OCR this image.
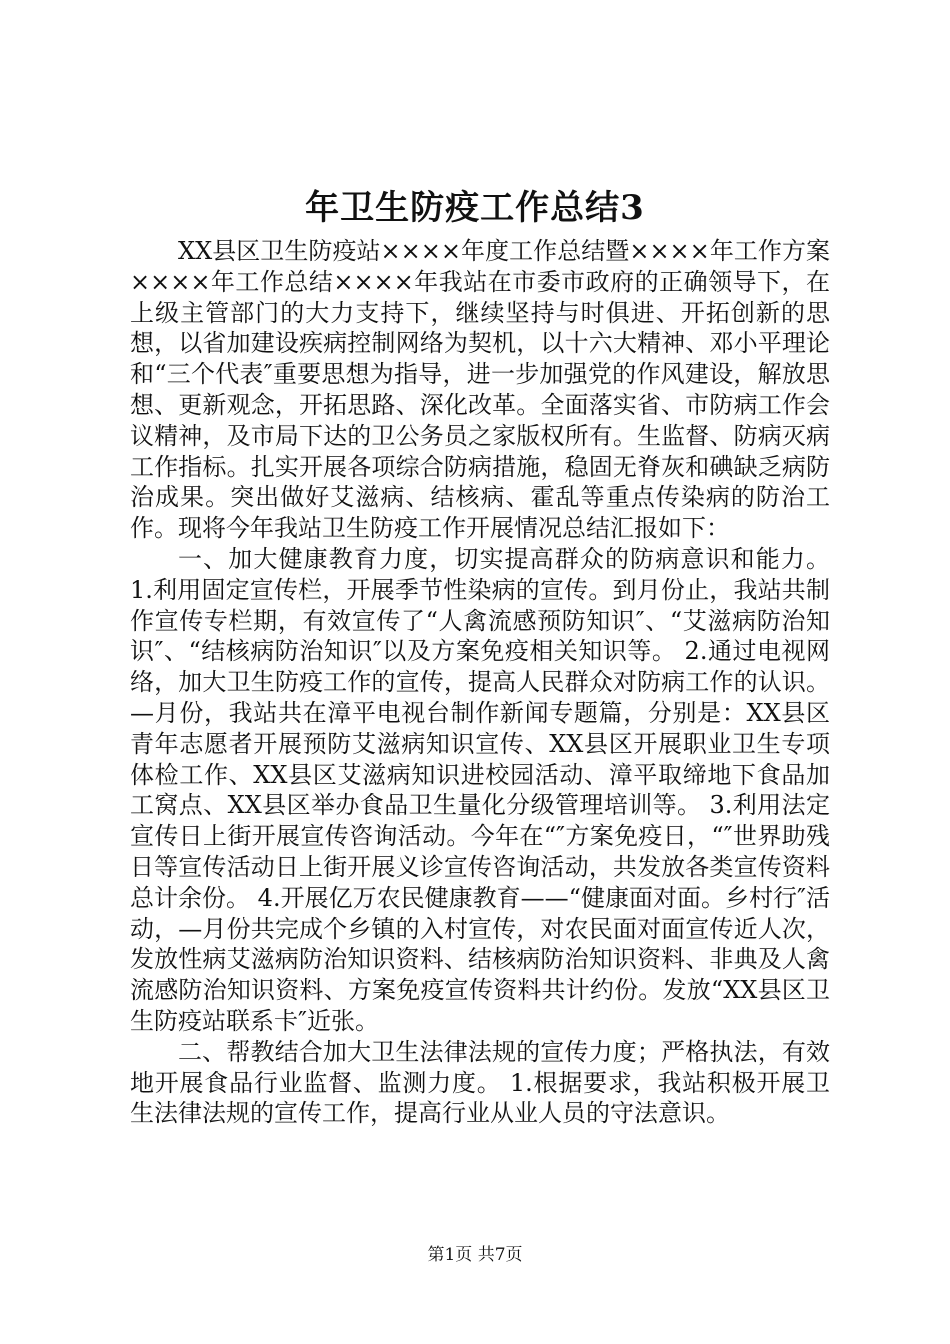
年卫生防疫工作总结3

XX县区卫生防疫站××××年度工作总结暨××××年工作方案××××年工作总结××××年我站在市委市政府的正确领导下，在上级主管部门的大力支持下，继续坚持与时俱进、开拓创新的思想，以省加建设疾病控制网络为契机，以十六大精神、邓小平理论和“三个代表″重要思想为指导，进一步加强党的作风建设，解放思想、更新观念，开拓思路、深化改革。全面落实省、市防病工作会议精神，及市局下达的卫公务员之家版权所有。生监督、防病灭病工作指标。扎实开展各项综合防病措施，稳固无脊灰和碘缺乏病防治成果。突出做好艾滋病、结核病、霍乱等重点传染病的防治工作。现将今年我站卫生防疫工作开展情况总结汇报如下：

一、加大健康教育力度，切实提高群众的防病意识和能力。 1.利用固定宣传栏，开展季节性染病的宣传。到月份止，我站共制作宣传专栏期，有效宣传了“人禽流感预防知识″、“艾滋病防治知识″、“结核病防治知识″以及方案免疫相关知识等。 2.通过电视网络，加大卫生防疫工作的宣传，提高人民群众对防病工作的认识。—月份，我站共在漳平电视台制作新闻专题篇，分别是：XX县区青年志愿者开展预防艾滋病知识宣传、XX县区开展职业卫生专项体检工作、XX县区艾滋病知识进校园活动、漳平取缔地下食品加工窝点、XX县区举办食品卫生量化分级管理培训等。 3.利用法定宣传日上街开展宣传咨询活动。今年在“″方案免疫日，“″世界助残日等宣传活动日上街开展义诊宣传咨询活动，共发放各类宣传资料总计余份。 4.开展亿万农民健康教育——“健康面对面。乡村行″活动，—月份共完成个乡镇的入村宣传，对农民面对面宣传近人次，发放性病艾滋病防治知识资料、结核病防治知识资料、非典及人禽流感防治知识资料、方案免疫宣传资料共计约份。发放“XX县区卫生防疫站联系卡″近张。

二、帮教结合加大卫生法律法规的宣传力度；严格执法，有效地开展食品行业监督、监测力度。 1.根据要求，我站积极开展卫生法律法规的宣传工作，提高行业从业人员的守法意识。

第1页 共7页
